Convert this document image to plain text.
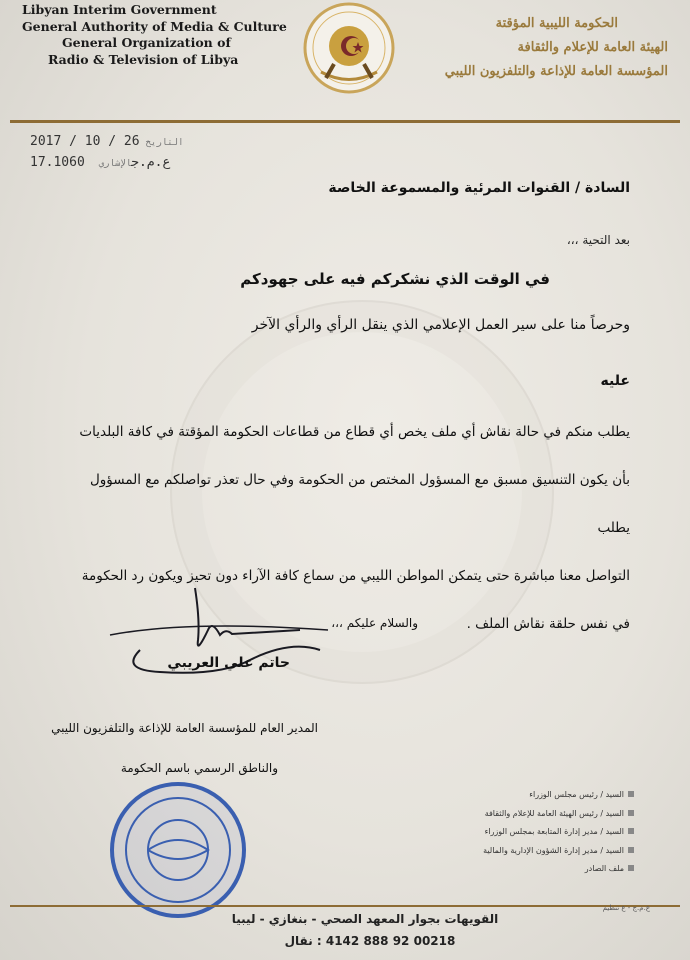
Libyan Interim Government
General Authority of Media & Culture
General Organization of
Radio & Television of Libya
الحكومة الليبية المؤقتة
الهيئة العامة للإعلام والثقافة
المؤسسة العامة للإذاعة والتلفزيون الليبي
2017 / 10 / 26 التاريخ
17.1060 ع.م.جالإشاري
السادة / القنوات المرئية والمسموعة الخاصة
بعد التحية ،،،
في الوقت الذي نشكركم فيه على جهودكم
وحرصاً منا على سير العمل الإعلامي الذي ينقل الرأي والرأي الآخر
عليه
يطلب منكم في حالة نقاش أي ملف يخص أي قطاع من قطاعات الحكومة المؤقتة في كافة البلديات
بأن يكون التنسيق مسبق مع المسؤول المختص من الحكومة وفي حال تعذر تواصلكم مع المسؤول يطلب
التواصل معنا مباشرة حتى يتمكن المواطن الليبي من سماع كافة الآراء دون تحيز ويكون رد الحكومة
في نفس حلقة نقاش الملف .
والسلام عليكم ،،،
حاتم علي العريبي
المدير العام للمؤسسة العامة للإذاعة والتلفزيون الليبي
والناطق الرسمي باسم الحكومة
السيد / رئيس مجلس الوزراء
السيد / رئيس الهيئة العامة للإعلام والثقافة
السيد / مدير إدارة المتابعة بمجلس الوزراء
السيد / مدير إدارة الشؤون الإدارية والمالية
ملف الصادر
ع.م.ج - ع تنظيم
القويهات بجوار المعهد الصحي - بنغازي - ليبيا
00218 92 888 4142 : نقال
